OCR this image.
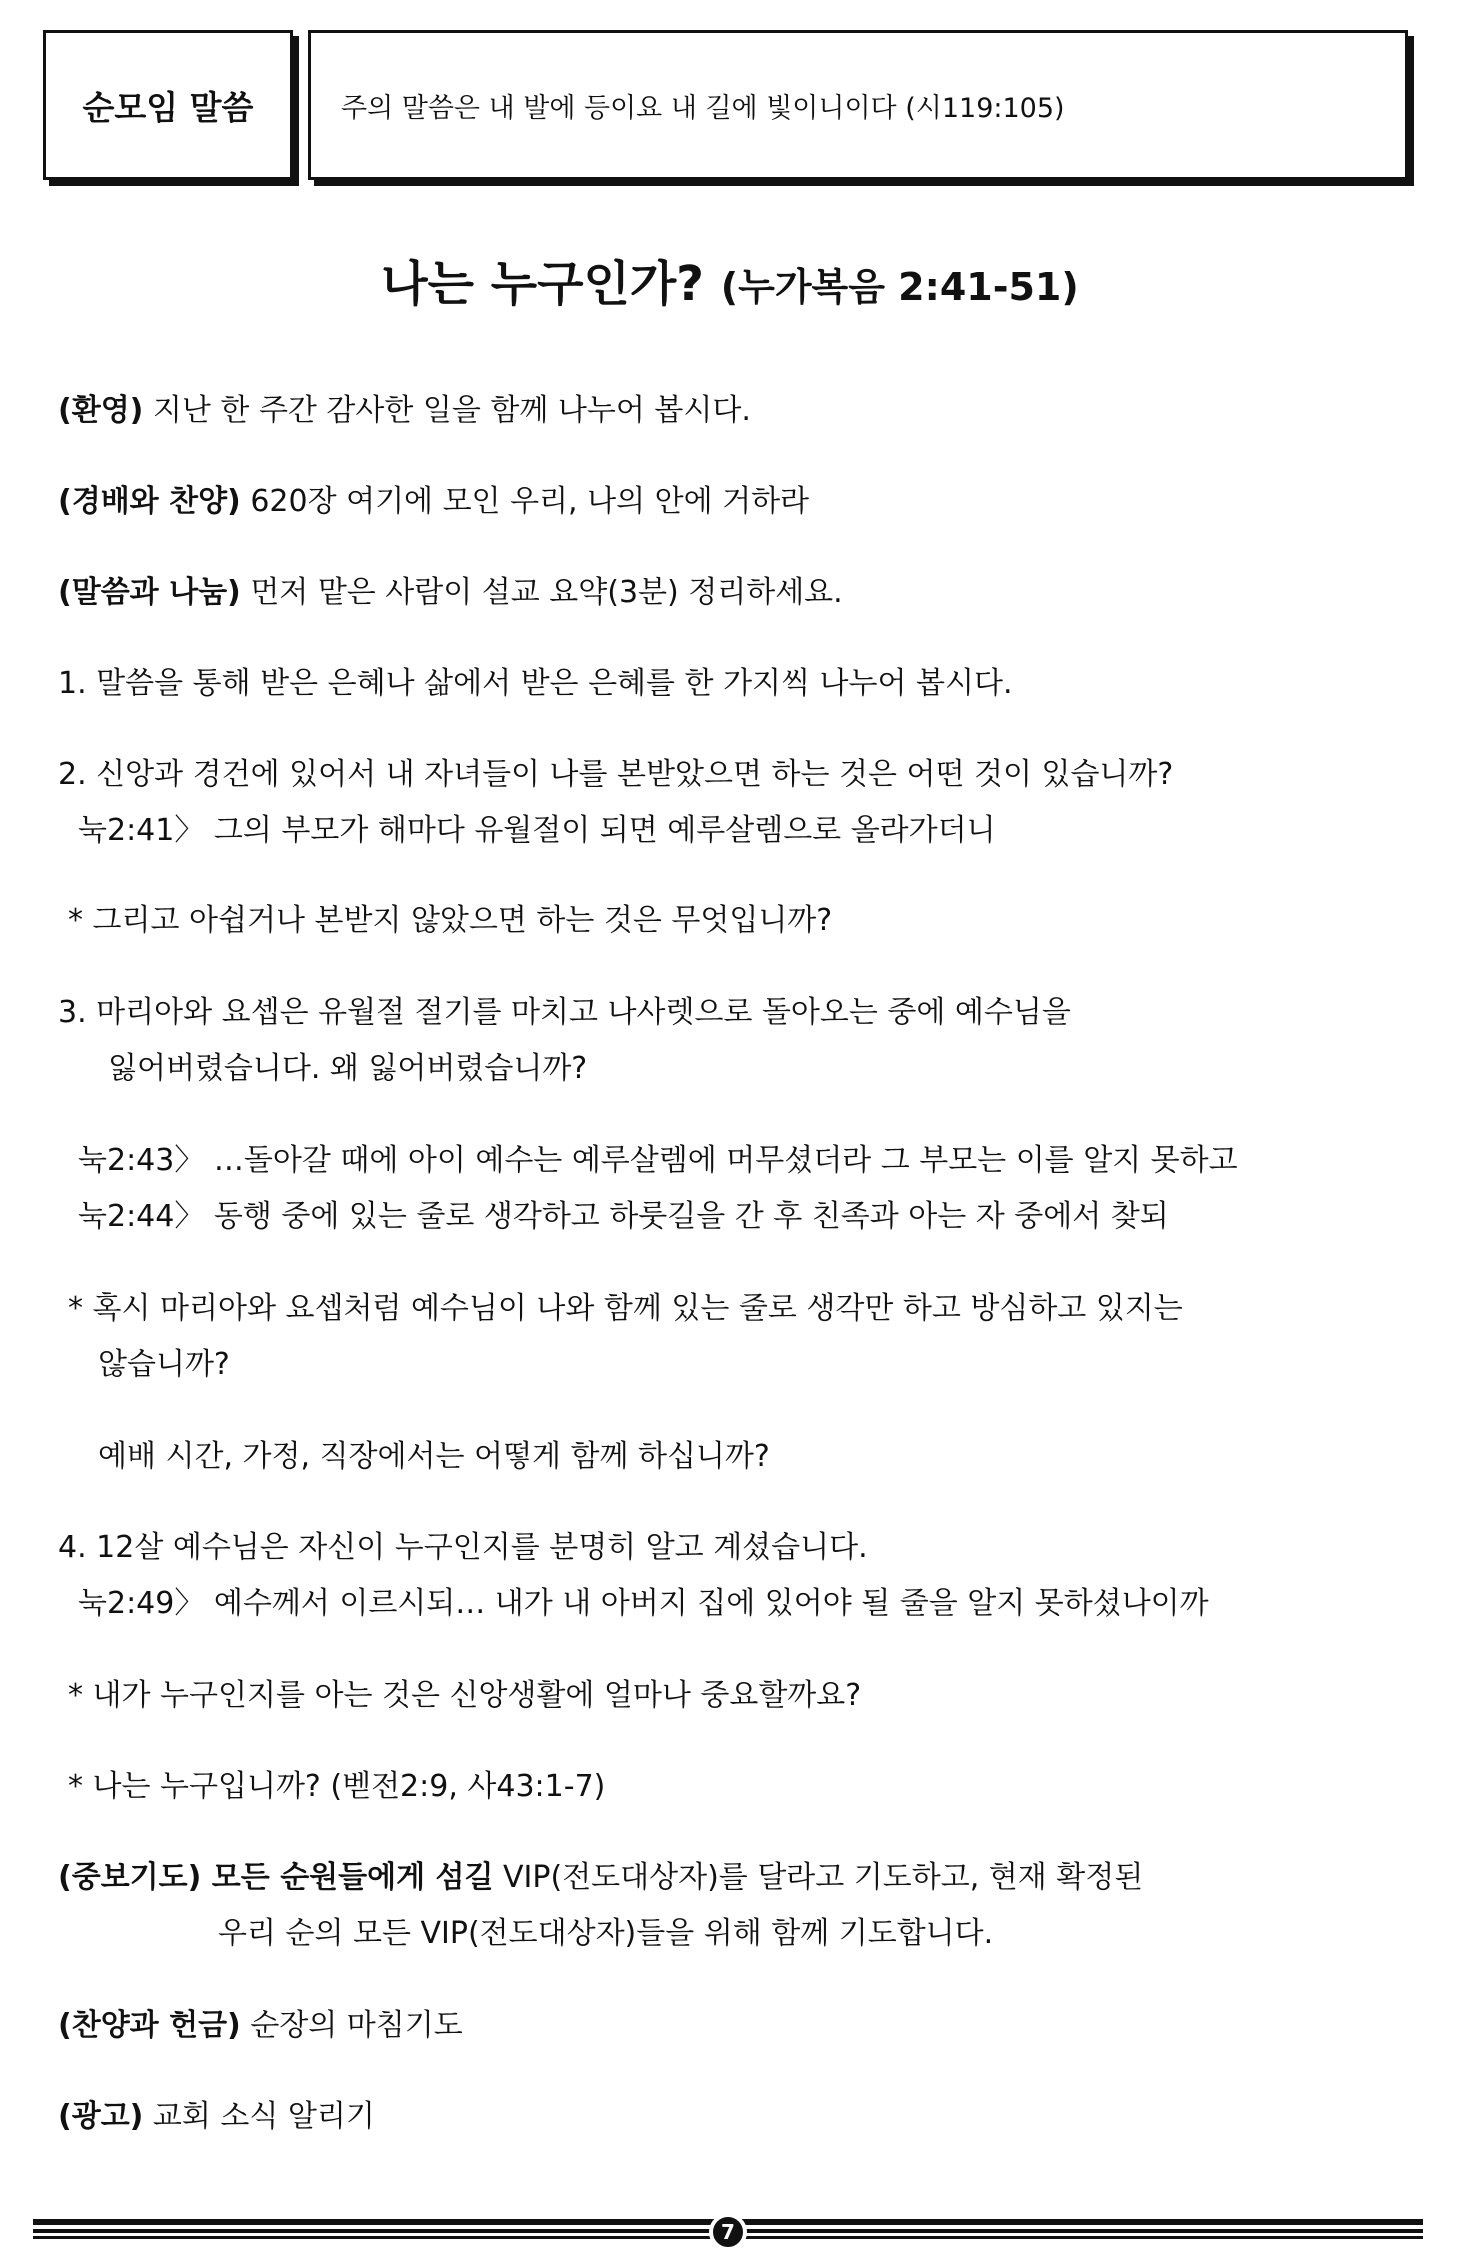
순모임 말씀	주의 말씀은 내 발에 등이요 내 길에 빛이니이다 (시119:105)
나는 누구인가? (누가복음 2:41-51)
(환영) 지난 한 주간 감사한 일을 함께 나누어 봅시다.
(경배와 찬양) 620장 여기에 모인 우리, 나의 안에 거하라
(말씀과 나눔) 먼저 맡은 사람이 설교 요약(3분) 정리하세요.
1. 말씀을 통해 받은 은혜나 삶에서 받은 은혜를 한 가지씩 나누어 봅시다.
2. 신앙과 경건에 있어서 내 자녀들이 나를 본받았으면 하는 것은 어떤 것이 있습니까?
눅2:41〉 그의 부모가 해마다 유월절이 되면 예루살렘으로 올라가더니
* 그리고 아쉽거나 본받지 않았으면 하는 것은 무엇입니까?
3. 마리아와 요셉은 유월절 절기를 마치고 나사렛으로 돌아오는 중에 예수님을
잃어버렸습니다. 왜 잃어버렸습니까?
눅2:43〉 …돌아갈 때에 아이 예수는 예루살렘에 머무셨더라 그 부모는 이를 알지 못하고
눅2:44〉 동행 중에 있는 줄로 생각하고 하룻길을 간 후 친족과 아는 자 중에서 찾되
* 혹시 마리아와 요셉처럼 예수님이 나와 함께 있는 줄로 생각만 하고 방심하고 있지는
않습니까?
예배 시간, 가정, 직장에서는 어떻게 함께 하십니까?
4. 12살 예수님은 자신이 누구인지를 분명히 알고 계셨습니다.
눅2:49〉 예수께서 이르시되… 내가 내 아버지 집에 있어야 될 줄을 알지 못하셨나이까
* 내가 누구인지를 아는 것은 신앙생활에 얼마나 중요할까요?
* 나는 누구입니까? (벧전2:9, 사43:1-7)
(중보기도) 모든 순원들에게 섬길 VIP(전도대상자)를 달라고 기도하고, 현재 확정된
우리 순의 모든 VIP(전도대상자)들을 위해 함께 기도합니다.
(찬양과 헌금) 순장의 마침기도
(광고) 교회 소식 알리기
7
